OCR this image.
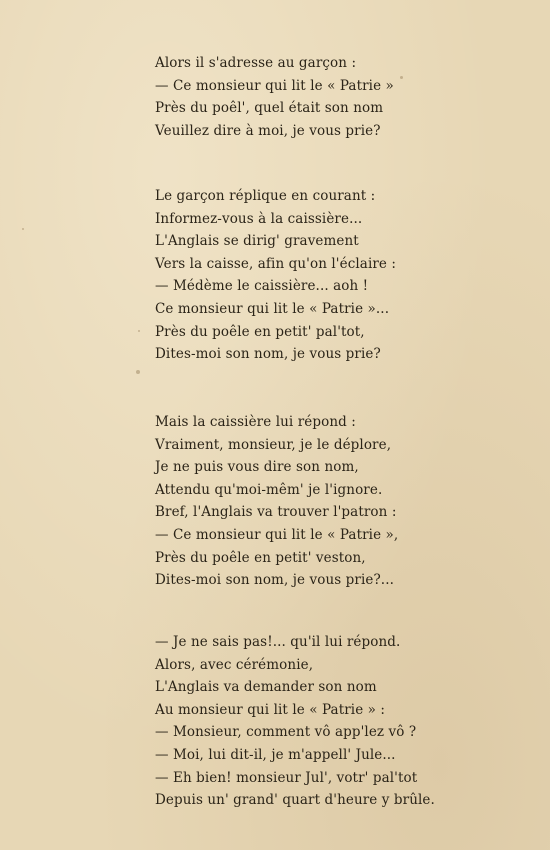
Alors il s'adresse au garçon :
— Ce monsieur qui lit le « Patrie »
Près du poêl', quel était son nom
Veuillez dire à moi, je vous prie?
Le garçon réplique en courant :
Informez-vous à la caissière...
L'Anglais se dirig' gravement
Vers la caisse, afin qu'on l'éclaire :
— Médème le caissière... aoh !
Ce monsieur qui lit le « Patrie »...
Près du poêle en petit' pal'tot,
Dites-moi son nom, je vous prie?
Mais la caissière lui répond :
Vraiment, monsieur, je le déplore,
Je ne puis vous dire son nom,
Attendu qu'moi-mêm' je l'ignore.
Bref, l'Anglais va trouver l'patron :
— Ce monsieur qui lit le « Patrie »,
Près du poêle en petit' veston,
Dites-moi son nom, je vous prie?...
— Je ne sais pas!... qu'il lui répond.
Alors, avec cérémonie,
L'Anglais va demander son nom
Au monsieur qui lit le « Patrie » :
— Monsieur, comment vô app'lez vô ?
— Moi, lui dit-il, je m'appell' Jule...
— Eh bien! monsieur Jul', votr' pal'tot
Depuis un' grand' quart d'heure y brûle.
